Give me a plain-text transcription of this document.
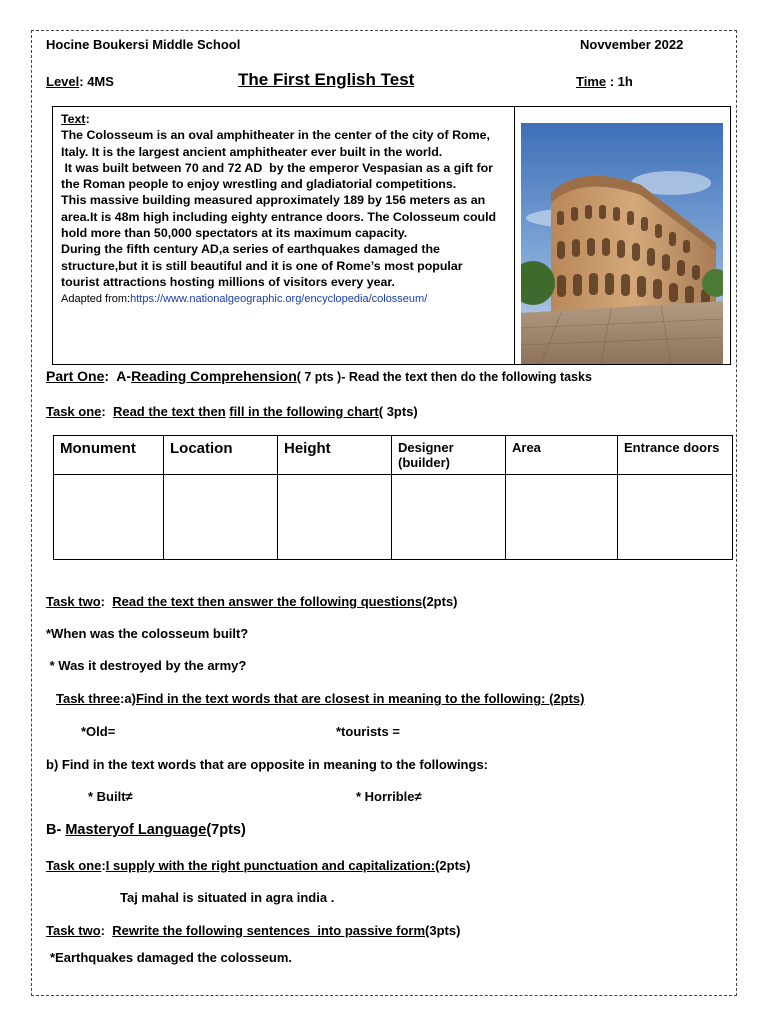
Hocine Boukersi Middle School	Novvember 2022
Level: 4MS	The First English Test	Time : 1h

Text:

The Colosseum is an oval amphitheater in the center of the city of Rome,

Italy. It is the largest ancient amphitheater ever built in the world.

It was built between 70 and 72 AD  by the emperor Vespasian as a gift for

the Roman people to enjoy wrestling and gladiatorial competitions.

This massive building measured approximately 189 by 156 meters as an

area.It is 48m high including eighty entrance doors. The Colosseum could

hold more than 50,000 spectators at its maximum capacity.

During the fifth century AD,a series of earthquakes damaged the

structure,but it is still beautiful and it is one of Rome’s most popular

tourist attractions hosting millions of visitors every year.

Adapted from:https://www.nationalgeographic.org/encyclopedia/colosseum/

Part One:  A-Reading Comprehension( 7 pts )- Read the text then do the following tasks
Task one:  Read the text then fill in the following chart( 3pts)
Monument	Location	Height	Designer (builder)	Area	Entrance doors

Task two:  Read the text then answer the following questions(2pts)
*When was the colosseum built?
* Was it destroyed by the army?
Task three:a)Find in the text words that are closest in meaning to the following: (2pts)
*Old=	*tourists =
b) Find in the text words that are opposite in meaning to the followings:
* Built≠	* Horrible≠
B- Masteryof Language(7pts)
Task one:I supply with the right punctuation and capitalization:(2pts)
Taj mahal is situated in agra india .
Task two:  Rewrite the following sentences  into passive form(3pts)
*Earthquakes damaged the colosseum.
